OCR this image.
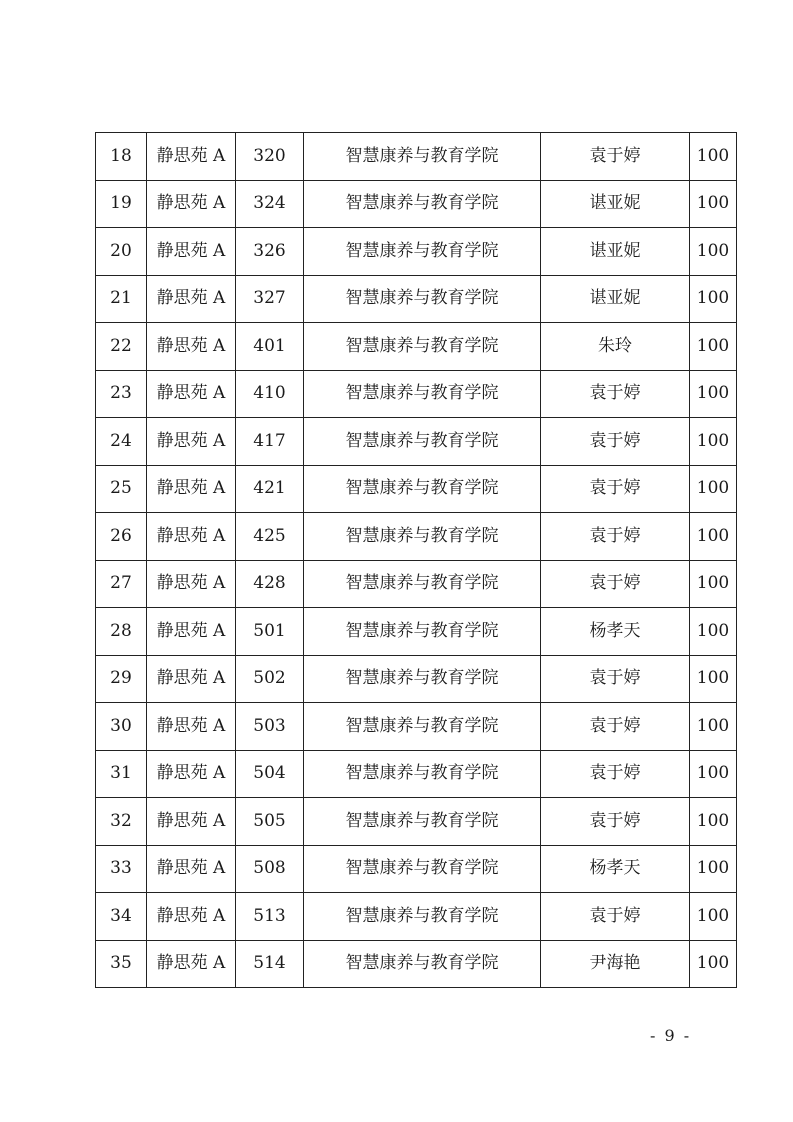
18	静思苑 A	320	智慧康养与教育学院	袁于婷	100
19	静思苑 A	324	智慧康养与教育学院	谌亚妮	100
20	静思苑 A	326	智慧康养与教育学院	谌亚妮	100
21	静思苑 A	327	智慧康养与教育学院	谌亚妮	100
22	静思苑 A	401	智慧康养与教育学院	朱玲	100
23	静思苑 A	410	智慧康养与教育学院	袁于婷	100
24	静思苑 A	417	智慧康养与教育学院	袁于婷	100
25	静思苑 A	421	智慧康养与教育学院	袁于婷	100
26	静思苑 A	425	智慧康养与教育学院	袁于婷	100
27	静思苑 A	428	智慧康养与教育学院	袁于婷	100
28	静思苑 A	501	智慧康养与教育学院	杨孝天	100
29	静思苑 A	502	智慧康养与教育学院	袁于婷	100
30	静思苑 A	503	智慧康养与教育学院	袁于婷	100
31	静思苑 A	504	智慧康养与教育学院	袁于婷	100
32	静思苑 A	505	智慧康养与教育学院	袁于婷	100
33	静思苑 A	508	智慧康养与教育学院	杨孝天	100
34	静思苑 A	513	智慧康养与教育学院	袁于婷	100
35	静思苑 A	514	智慧康养与教育学院	尹海艳	100
- 9 -
